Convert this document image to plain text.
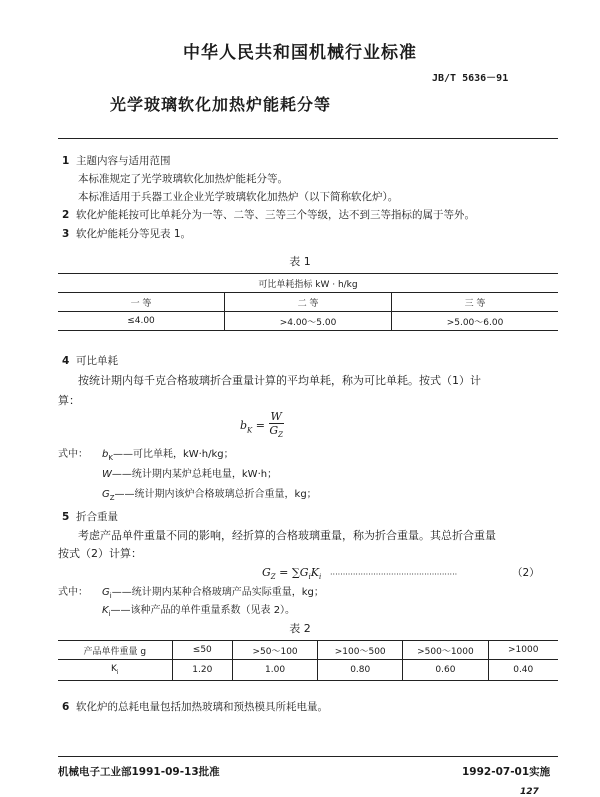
中华人民共和国机械行业标准
JB/T 5636－91
光学玻璃软化加热炉能耗分等
1 主题内容与适用范围
本标准规定了光学玻璃软化加热炉能耗分等。
本标准适用于兵器工业企业光学玻璃软化加热炉（以下简称软化炉）。
2 软化炉能耗按可比单耗分为一等、二等、三等三个等级，达不到三等指标的属于等外。
3 软化炉能耗分等见表 1。
表 1
可比单耗指标 kW · h/kg		
一 等	二 等	三 等
≤4.00	>4.00～5.00	>5.00～6.00
4 可比单耗
按统计期内每千克合格玻璃折合重量计算的平均单耗，称为可比单耗。按式（1）计
算：
$b_K = \frac{W}{G_Z}$
式中： $b_K——$可比单耗，kW·h/kg；
W——统计期内某炉总耗电量，kW·h；
$G_Z——$统计期内该炉合格玻璃总折合重量，kg；
5 折合重量
考虑产品单件重量不同的影响，经折算的合格玻璃重量，称为折合重量。其总折合重量
按式（2）计算：
$G_Z = \sum G_iK_i$ ··················································	（2）
式中： $G_i——$统计期内某种合格玻璃产品实际重量，kg；
$K_i——$该种产品的单件重量系数（见表 2）。
表 2
产品单件重量 g	≤50	>50～100	>100～500	>500～1000	>1000
$K_i$	1.20	1.00	0.80	0.60	0.40
6 软化炉的总耗电量包括加热玻璃和预热模具所耗电量。
机械电子工业部1991-09-13批准	1992-07-01实施
127
